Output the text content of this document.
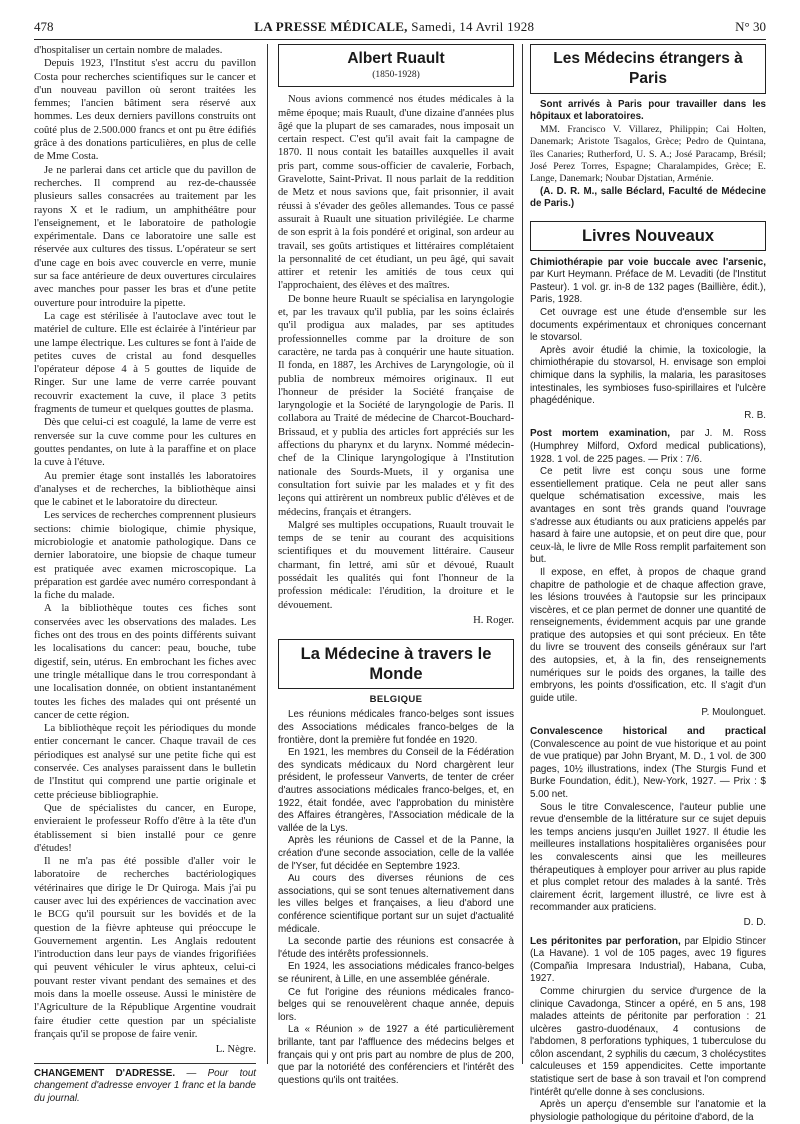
478	LA PRESSE MÉDICALE, Samedi, 14 Avril 1928	N° 30

d'hospitaliser un certain nombre de malades.

Depuis 1923, l'Institut s'est accru du pavillon Costa pour recherches scientifiques sur le cancer et d'un nouveau pavillon où seront traitées les femmes; l'ancien bâtiment sera réservé aux hommes. Les deux derniers pavillons construits ont coûté plus de 2.500.000 francs et ont pu être édifiés grâce à des donations particulières, en plus de celle de Mme Costa.

Je ne parlerai dans cet article que du pavillon de recherches. Il comprend au rez-de-chaussée plusieurs salles consacrées au traitement par les rayons X et le radium, un amphithéâtre pour l'enseignement, et le laboratoire de pathologie expérimentale. Dans ce laboratoire une salle est réservée aux cultures des tissus. L'opérateur se sert d'une cage en bois avec couvercle en verre, munie sur sa face antérieure de deux ouvertures circulaires avec manches pour passer les bras et d'une petite ouverture pour introduire la pipette.

La cage est stérilisée à l'autoclave avec tout le matériel de culture. Elle est éclairée à l'intérieur par une lampe électrique. Les cultures se font à l'aide de petites cuves de cristal au fond desquelles l'opérateur dépose 4 à 5 gouttes de liquide de Ringer. Sur une lame de verre carrée pouvant recouvrir exactement la cuve, il place 3 petits fragments de tumeur et quelques gouttes de plasma.

Dès que celui-ci est coagulé, la lame de verre est renversée sur la cuve comme pour les cultures en gouttes pendantes, on lute à la paraffine et on place la cuve à l'étuve.

Au premier étage sont installés les laboratoires d'analyses et de recherches, la bibliothèque ainsi que le cabinet et le laboratoire du directeur.

Les services de recherches comprennent plusieurs sections: chimie biologique, chimie physique, microbiologie et anatomie pathologique. Dans ce dernier laboratoire, une biopsie de chaque tumeur est pratiquée avec examen microscopique. La préparation est gardée avec numéro correspondant à la fiche du malade.

A la bibliothèque toutes ces fiches sont conservées avec les observations des malades. Les fiches ont des trous en des points différents suivant les localisations du cancer: peau, bouche, tube digestif, sein, utérus. En embrochant les fiches avec une tringle métallique dans le trou correspondant à une localisation donnée, on obtient instantanément toutes les fiches des malades qui ont présenté un cancer de cette région.

La bibliothèque reçoit les périodiques du monde entier concernant le cancer. Chaque travail de ces périodiques est analysé sur une petite fiche qui est conservée. Ces analyses paraissent dans le bulletin de l'Institut qui comprend une partie originale et cette précieuse bibliographie.

Que de spécialistes du cancer, en Europe, envieraient le professeur Roffo d'être à la tête d'un établissement si bien installé pour ce genre d'études!

Il ne m'a pas été possible d'aller voir le laboratoire de recherches bactériologiques vétérinaires que dirige le Dr Quiroga. Mais j'ai pu causer avec lui des expériences de vaccination avec le BCG qu'il poursuit sur les bovidés et de la question de la fièvre aphteuse qui préoccupe le Gouvernement argentin. Les Anglais redoutent l'introduction dans leur pays de viandes frigorifiées qui peuvent véhiculer le virus aphteux, celui-ci pouvant rester vivant pendant des semaines et des mois dans la moelle osseuse. Aussi le ministère de l'Agriculture de la République Argentine voudrait faire étudier cette question par un spécialiste français qu'il se propose de faire venir.

L. Nègre.

CHANGEMENT D'ADRESSE. — Pour tout changement d'adresse envoyer 1 franc et la bande du journal.

Albert Ruault
(1850-1928)

Nous avions commencé nos études médicales à la même époque; mais Ruault, d'une dizaine d'années plus âgé que la plupart de ses camarades, nous imposait un certain respect. C'est qu'il avait fait la campagne de 1870. Il nous contait les batailles auxquelles il avait pris part, comme sous-officier de cavalerie, Forbach, Gravelotte, Saint-Privat. Il nous parlait de la reddition de Metz et nous savions que, fait prisonnier, il avait réussi à s'évader des geôles allemandes. Tous ce passé assurait à Ruault une situation privilégiée. Le charme de son esprit à la fois pondéré et original, son ardeur au travail, ses goûts artistiques et littéraires complétaient la personnalité de cet étudiant, un peu âgé, qui savait attirer et retenir les amitiés de tous ceux qui l'approchaient, des élèves et des maîtres.

De bonne heure Ruault se spécialisa en laryngologie et, par les travaux qu'il publia, par les soins éclairés qu'il prodigua aux malades, par ses aptitudes professionnelles comme par la droiture de son caractère, ne tarda pas à conquérir une haute situation. Il fonda, en 1887, les Archives de Laryngologie, où il publia de nombreux mémoires originaux. Il eut l'honneur de présider la Société française de laryngologie et la Société de laryngologie de Paris. Il collabora au Traité de médecine de Charcot-Bouchard-Brissaud, et y publia des articles fort appréciés sur les affections du pharynx et du larynx. Nommé médecin-chef de la Clinique laryngologique à l'Institution nationale des Sourds-Muets, il y organisa une consultation fort suivie par les malades et y fit des leçons qui attirèrent un nombreux public d'élèves et de médecins, français et étrangers.

Malgré ses multiples occupations, Ruault trouvait le temps de se tenir au courant des acquisitions scientifiques et du mouvement littéraire. Causeur charmant, fin lettré, ami sûr et dévoué, Ruault possédait les qualités qui font l'honneur de la profession médicale: l'érudition, la droiture et le dévouement.

H. Roger.

La Médecine à travers le Monde
BELGIQUE

Les réunions médicales franco-belges sont issues des Associations médicales franco-belges de la frontière, dont la première fut fondée en 1920.

En 1921, les membres du Conseil de la Fédération des syndicats médicaux du Nord chargèrent leur président, le professeur Vanverts, de tenter de créer d'autres associations médicales franco-belges, et, en 1922, était fondée, avec l'approbation du ministère des Affaires étrangères, l'Association médicale de la vallée de la Lys.

Après les réunions de Cassel et de la Panne, la création d'une seconde association, celle de la vallée de l'Yser, fut décidée en Septembre 1923.

Au cours des diverses réunions de ces associations, qui se sont tenues alternativement dans les villes belges et françaises, a lieu d'abord une conférence scientifique portant sur un sujet d'actualité médicale.

La seconde partie des réunions est consacrée à l'étude des intérêts professionnels.

En 1924, les associations médicales franco-belges se réunirent, à Lille, en une assemblée générale.

Ce fut l'origine des réunions médicales franco-belges qui se renouvelèrent chaque année, depuis lors.

La « Réunion » de 1927 a été particulièrement brillante, tant par l'affluence des médecins belges et français qui y ont pris part au nombre de plus de 200, que par la notoriété des conférenciers et l'intérêt des questions qu'ils ont traitées.

Les Médecins étrangers à Paris

Sont arrivés à Paris pour travailler dans les hôpitaux et laboratoires.

MM. Francisco V. Villarez, Philippin; Cai Holten, Danemark; Aristote Tsagalos, Grèce; Pedro de Quintana, îles Canaries; Rutherford, U. S. A.; José Paracamp, Brésil; José Perez Torres, Espagne; Charalampides, Grèce; E. Lange, Danemark; Noubar Djstatian, Arménie.

(A. D. R. M., salle Béclard, Faculté de Médecine de Paris.)

Livres Nouveaux

Chimiothérapie par voie buccale avec l'arsenic, par Kurt Heymann. Préface de M. Levaditi (de l'Institut Pasteur). 1 vol. gr. in-8 de 132 pages (Baillière, édit.), Paris, 1928.

Cet ouvrage est une étude d'ensemble sur les documents expérimentaux et chroniques concernant le stovarsol.

Après avoir étudié la chimie, la toxicologie, la chimiothérapie du stovarsol, H. envisage son emploi chimique dans la syphilis, la malaria, les parasitoses intestinales, les symbioses fuso-spirillaires et l'ulcère phagédénique.

R. B.

Post mortem examination, par J. M. Ross (Humphrey Milford, Oxford medical publications), 1928. 1 vol. de 225 pages. — Prix : 7/6.

Ce petit livre est conçu sous une forme essentiellement pratique. Cela ne peut aller sans quelque schématisation excessive, mais les avantages en sont très grands quand l'ouvrage s'adresse aux étudiants ou aux praticiens appelés par hasard à faire une autopsie, et on peut dire que, pour ceux-là, le livre de Mlle Ross remplit parfaitement son but.

Il expose, en effet, à propos de chaque grand chapitre de pathologie et de chaque affection grave, les lésions trouvées à l'autopsie sur les principaux viscères, et ce plan permet de donner une quantité de renseignements, évidemment acquis par une grande pratique des autopsies et qui sont précieux. En tête du livre se trouvent des conseils généraux sur l'art des autopsies, et, à la fin, des renseignements numériques sur le poids des organes, la taille des embryons, les points d'ossification, etc. Il s'agit d'un guide utile.

P. Moulonguet.

Convalescence historical and practical (Convalescence au point de vue historique et au point de vue pratique) par John Bryant, M. D., 1 vol. de 300 pages, 10½ illustrations, index (The Sturgis Fund et Burke Foundation, édit.), New-York, 1927. — Prix : $ 5.00 net.

Sous le titre Convalescence, l'auteur publie une revue d'ensemble de la littérature sur ce sujet depuis les temps anciens jusqu'en Juillet 1927. Il étudie les meilleures installations hospitalières organisées pour les convalescents ainsi que les meilleures thérapeutiques à employer pour arriver au plus rapide et plus complet retour des malades à la santé. Très clairement écrit, largement illustré, ce livre est à recommander aux praticiens.

D. D.

Les péritonites par perforation, par Elpidio Stincer (La Havane). 1 vol de 105 pages, avec 19 figures (Compañia Impresara Industrial), Habana, Cuba, 1927.

Comme chirurgien du service d'urgence de la clinique Cavadonga, Stincer a opéré, en 5 ans, 198 malades atteints de péritonite par perforation : 21 ulcères gastro-duodénaux, 4 contusions de l'abdomen, 8 perforations typhiques, 1 tuberculose du côlon ascendant, 2 syphilis du cæcum, 3 cholécystites calculeuses et 159 appendicites. Cette importante statistique sert de base à son travail et l'on comprend l'intérêt qu'elle donne à ses conclusions.

Après un aperçu d'ensemble sur l'anatomie et la physiologie pathologique du péritoine d'abord, de la
